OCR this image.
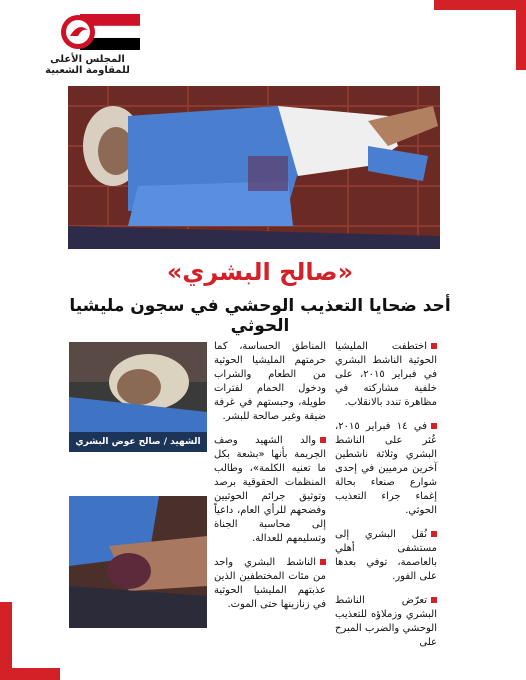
المجلس الأعلى للمقاومة الشعبية
«صالح البشري»
أحد ضحايا التعذيب الوحشي في سجون مليشيا الحوثي
الشهيد / صالح عوض البشري

اختطفت المليشيا الحوثية الناشط البشري في فبراير ٢٠١٥، على خلفية مشاركته في مظاهرة تندد بالانقلاب.

في ١٤ فبراير ٢٠١٥، عُثر على الناشط البشري وثلاثة ناشطين آخرين مرميين في إحدى شوارع صنعاء بحالة إغماء جراء التعذيب الحوثي.

نُقل البشري إلى مستشفى أهلي بالعاصمة، توفي بعدها على الفور.

تعرّض الناشط البشري وزملاؤه للتعذيب الوحشي والضرب المبرح على

المناطق الحساسة، كما حرمتهم المليشيا الحوثية من الطعام والشراب ودخول الحمام لفترات طويلة، وحبستهم في غرفة ضيقة وغير صالحة للبشر.

والد الشهيد وصف الجريمة بأنها «بشعة بكل ما تعنيه الكلمة»، وطالب المنظمات الحقوقية برصد وتوثيق جرائم الحوثيين وفضحهم للرأي العام، داعياً إلى محاسبة الجناة وتسليمهم للعدالة.

الناشط البشري واحد من مئات المختطفين الذين عذبتهم المليشيا الحوثية في زنازينها حتى الموت.
